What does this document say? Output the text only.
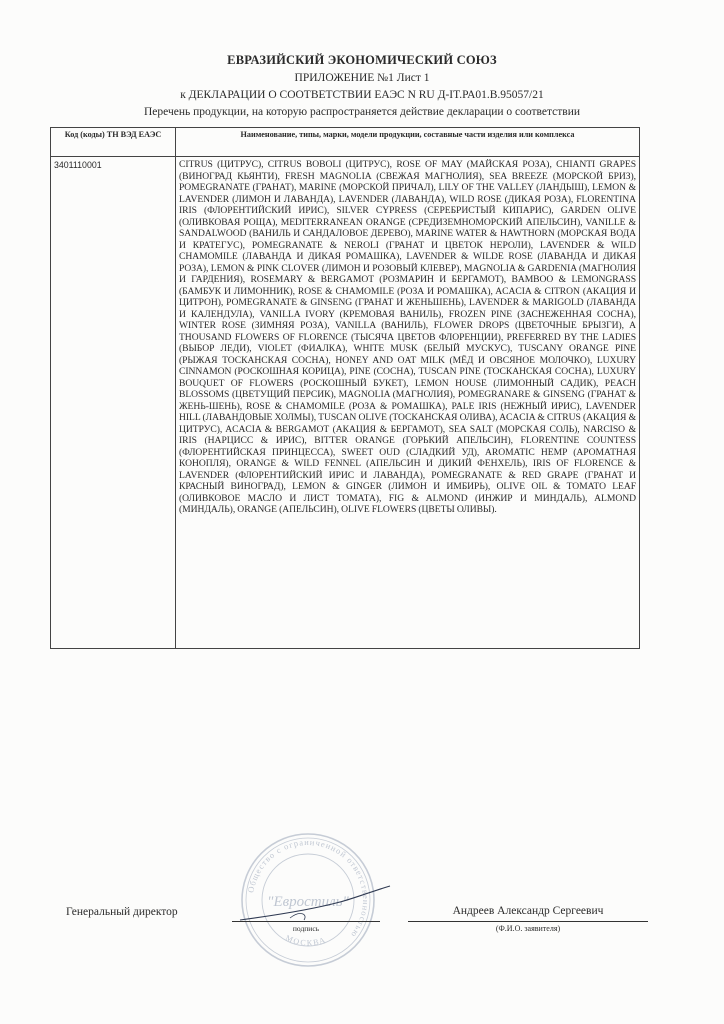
ЕВРАЗИЙСКИЙ ЭКОНОМИЧЕСКИЙ СОЮЗ
ПРИЛОЖЕНИЕ №1 Лист 1
к ДЕКЛАРАЦИИ О СООТВЕТСТВИИ ЕАЭС N RU Д-IT.РА01.В.95057/21
Перечень продукции, на которую распространяется действие декларации о соответствии
Код (коды) ТН ВЭД ЕАЭС	Наименование, типы, марки, модели продукции, составные части изделия или комплекса
3401110001	CITRUS (ЦИТРУС), CITRUS BOBOLI (ЦИТРУС), ROSE OF MAY (МАЙСКАЯ РОЗА), CHIANTI GRAPES (ВИНОГРАД КЬЯНТИ), FRESH MAGNOLIA (СВЕЖАЯ МАГНОЛИЯ), SEA BREEZE (МОРСКОЙ БРИЗ), POMEGRANATE (ГРАНАТ), MARINE (МОРСКОЙ ПРИЧАЛ), LILY OF THE VALLEY (ЛАНДЫШ), LEMON & LAVENDER (ЛИМОН И ЛАВАНДА), LAVENDER (ЛАВАНДА), WILD ROSE (ДИКАЯ РОЗА), FLORENTINA IRIS (ФЛОРЕНТИЙСКИЙ ИРИС), SILVER CYPRESS (СЕРЕБРИСТЫЙ КИПАРИС), GARDEN OLIVE (ОЛИВКОВАЯ РОЩА), MEDITERRANEAN ORANGE (СРЕДИЗЕМНОМОРСКИЙ АПЕЛЬСИН), VANILLE & SANDALWOOD (ВАНИЛЬ И САНДАЛОВОЕ ДЕРЕВО), MARINE WATER & HAWTHORN (МОРСКАЯ ВОДА И КРАТЕГУС), POMEGRANATE & NEROLI (ГРАНАТ И ЦВЕТОК НЕРОЛИ), LAVENDER & WILD CHAMOMILE (ЛАВАНДА И ДИКАЯ РОМАШКА), LAVENDER & WILDE ROSE (ЛАВАНДА И ДИКАЯ РОЗА), LEMON & PINK CLOVER (ЛИМОН И РОЗОВЫЙ КЛЕВЕР), MAGNOLIA & GARDENIA (МАГНОЛИЯ И ГАРДЕНИЯ), ROSEMARY & BERGAMOT (РОЗМАРИН И БЕРГАМОТ), BAMBOO & LEMONGRASS (БАМБУК И ЛИМОННИК), ROSE & CHAMOMILE (РОЗА И РОМАШКА), ACACIA & CITRON (АКАЦИЯ И ЦИТРОН), POMEGRANATE & GINSENG (ГРАНАТ И ЖЕНЬШЕНЬ), LAVENDER & MARIGOLD (ЛАВАНДА И КАЛЕНДУЛА), VANILLA IVORY (КРЕМОВАЯ ВАНИЛЬ), FROZEN PINE (ЗАСНЕЖЕННАЯ СОСНА), WINTER ROSE (ЗИМНЯЯ РОЗА), VANILLA (ВАНИЛЬ), FLOWER DROPS (ЦВЕТОЧНЫЕ БРЫЗГИ), A THOUSAND FLOWERS OF FLORENCE (ТЫСЯЧА ЦВЕТОВ ФЛОРЕНЦИИ), PREFERRED BY THE LADIES (ВЫБОР ЛЕДИ), VIOLET (ФИАЛКА), WHITE MUSK (БЕЛЫЙ МУСКУС), TUSCANY ORANGE PINE (РЫЖАЯ ТОСКАНСКАЯ СОСНА), HONEY AND OAT MILK (МЁД И ОВСЯНОЕ МОЛОЧКО), LUXURY CINNAMON (РОСКОШНАЯ КОРИЦА), PINE (СОСНА), TUSCAN PINE (ТОСКАНСКАЯ СОСНА), LUXURY BOUQUET OF FLOWERS (РОСКОШНЫЙ БУКЕТ), LEMON HOUSE (ЛИМОННЫЙ САДИК), PEACH BLOSSOMS (ЦВЕТУЩИЙ ПЕРСИК), MAGNOLIA (МАГНОЛИЯ), POMEGRANARE & GINSENG (ГРАНАТ & ЖЕНЬ-ШЕНЬ), ROSE & CHAMOMILE (РОЗА & РОМАШКА), PALE IRIS (НЕЖНЫЙ ИРИС), LAVENDER HILL (ЛАВАНДОВЫЕ ХОЛМЫ), TUSCAN OLIVE (ТОСКАНСКАЯ ОЛИВА), ACACIA & CITRUS (АКАЦИЯ & ЦИТРУС), ACACIA & BERGAMOT (АКАЦИЯ & БЕРГАМОТ), SEA SALT (МОРСКАЯ СОЛЬ), NARCISO & IRIS (НАРЦИСС & ИРИС), BITTER ORANGE (ГОРЬКИЙ АПЕЛЬСИН), FLORENTINE COUNTESS (ФЛОРЕНТИЙСКАЯ ПРИНЦЕССА), SWEET OUD (СЛАДКИЙ УД), AROMATIC HEMP (АРОМАТНАЯ КОНОПЛЯ), ORANGE & WILD FENNEL (АПЕЛЬСИН И ДИКИЙ ФЕНХЕЛЬ), IRIS OF FLORENCE & LAVENDER (ФЛОРЕНТИЙСКИЙ ИРИС И ЛАВАНДА), POMEGRANATE & RED GRAPE (ГРАНАТ И КРАСНЫЙ ВИНОГРАД), LEMON & GINGER (ЛИМОН И ИМБИРЬ), OLIVE OIL & TOMATO LEAF (ОЛИВКОВОЕ МАСЛО И ЛИСТ ТОМАТА), FIG & ALMOND (ИНЖИР И МИНДАЛЬ), ALMOND (МИНДАЛЬ), ORANGE (АПЕЛЬСИН), OLIVE FLOWERS (ЦВЕТЫ ОЛИВЫ).
Общество с ограниченной ответственностью
"Евростиль"
МОСКВА
Генеральный директор
подпись
Андреев Александр Сергеевич
(Ф.И.О. заявителя)
